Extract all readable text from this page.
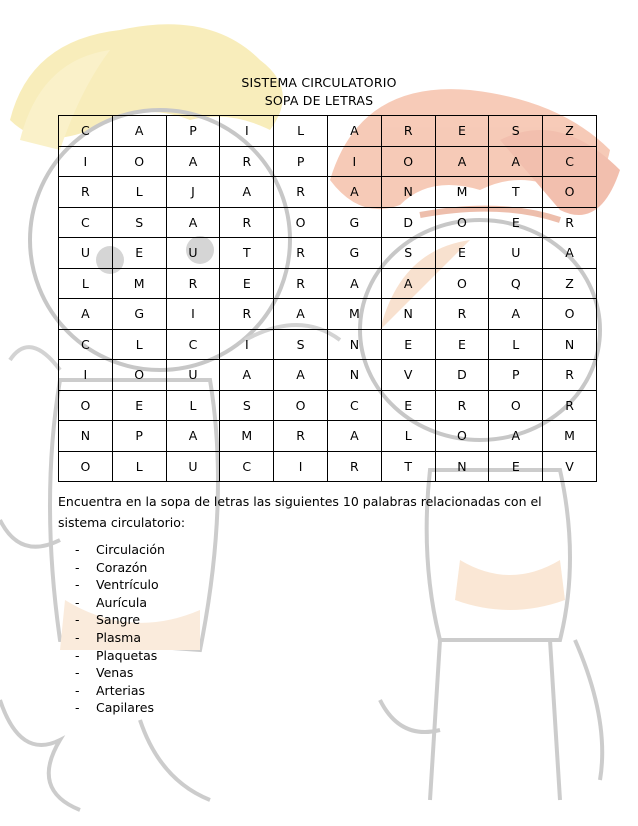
SISTEMA CIRCULATORIO
SOPA DE LETRAS
C	A	P	I	L	A	R	E	S	Z
I	O	A	R	P	I	O	A	A	C
R	L	J	A	R	A	N	M	T	O
C	S	A	R	O	G	D	O	E	R
U	E	U	T	R	G	S	E	U	A
L	M	R	E	R	A	A	O	Q	Z
A	G	I	R	A	M	N	R	A	O
C	L	C	I	S	N	E	E	L	N
I	O	U	A	A	N	V	D	P	R
O	E	L	S	O	C	E	R	O	R
N	P	A	M	R	A	L	O	A	M
O	L	U	C	I	R	T	N	E	V
Encuentra en la sopa de letras las siguientes 10 palabras relacionadas con el sistema circulatorio:
-	Circulación
-	Corazón
-	Ventrículo
-	Aurícula
-	Sangre
-	Plasma
-	Plaquetas
-	Venas
-	Arterias
-	Capilares
